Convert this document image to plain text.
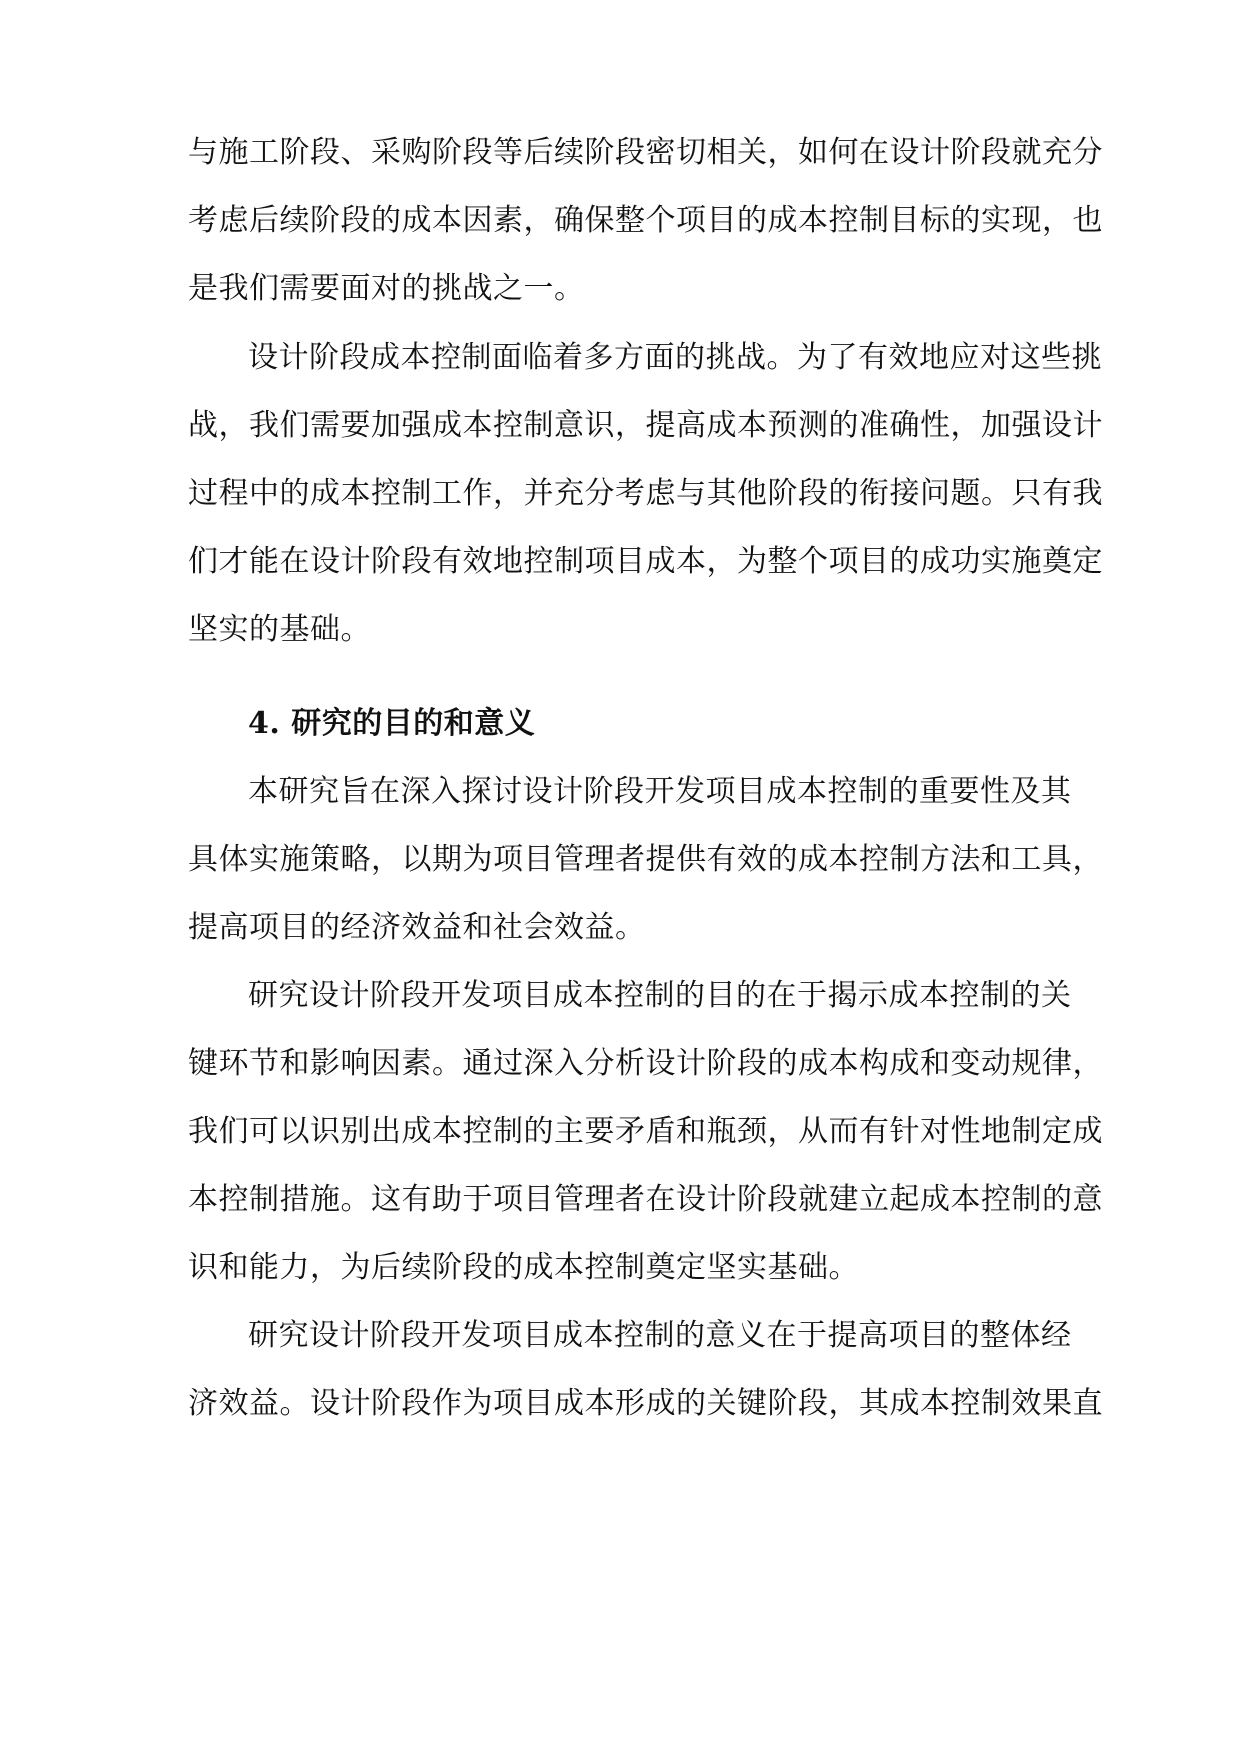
与施工阶段、采购阶段等后续阶段密切相关，如何在设计阶段就充分
考虑后续阶段的成本因素，确保整个项目的成本控制目标的实现，也
是我们需要面对的挑战之一。
设计阶段成本控制面临着多方面的挑战。为了有效地应对这些挑
战，我们需要加强成本控制意识，提高成本预测的准确性，加强设计
过程中的成本控制工作，并充分考虑与其他阶段的衔接问题。只有我
们才能在设计阶段有效地控制项目成本，为整个项目的成功实施奠定
坚实的基础。
4. 研究的目的和意义
本研究旨在深入探讨设计阶段开发项目成本控制的重要性及其
具体实施策略，以期为项目管理者提供有效的成本控制方法和工具，
提高项目的经济效益和社会效益。
研究设计阶段开发项目成本控制的目的在于揭示成本控制的关
键环节和影响因素。通过深入分析设计阶段的成本构成和变动规律，
我们可以识别出成本控制的主要矛盾和瓶颈，从而有针对性地制定成
本控制措施。这有助于项目管理者在设计阶段就建立起成本控制的意
识和能力，为后续阶段的成本控制奠定坚实基础。
研究设计阶段开发项目成本控制的意义在于提高项目的整体经
济效益。设计阶段作为项目成本形成的关键阶段，其成本控制效果直
